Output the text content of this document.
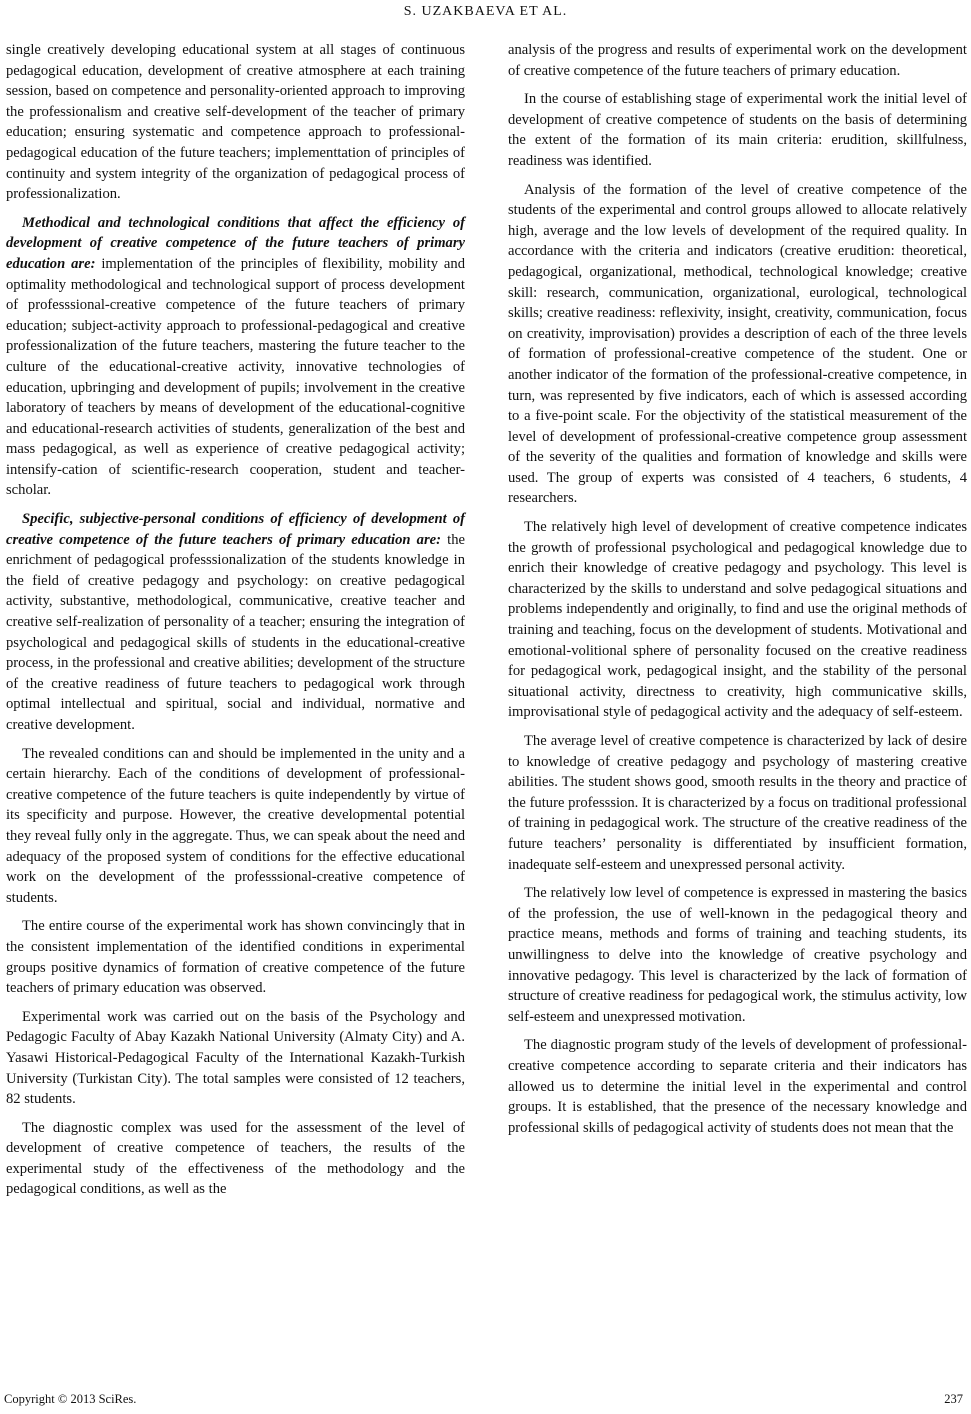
S. UZAKBAEVA ET AL.

single creatively developing educational system at all stages of continuous pedagogical education, development of creative atmosphere at each training session, based on competence and personality-oriented approach to improving the professionalism and creative self-development of the teacher of primary education; ensuring systematic and competence approach to professional-pedagogical education of the future teachers; implementtation of principles of continuity and system integrity of the organization of pedagogical process of professionalization.

Methodical and technological conditions that affect the efficiency of development of creative competence of the future teachers of primary education are: implementation of the principles of flexibility, mobility and optimality methodological and technological support of process development of professsional-creative competence of the future teachers of primary education; subject-activity approach to professional-pedagogical and creative professionalization of the future teachers, mastering the future teacher to the culture of the educational-creative activity, innovative technologies of education, upbringing and development of pupils; involvement in the creative laboratory of teachers by means of development of the educational-cognitive and educational-research activities of students, generalization of the best and mass pedagogical, as well as experience of creative pedagogical activity; intensify-cation of scientific-research cooperation, student and teacher-scholar.

Specific, subjective-personal conditions of efficiency of development of creative competence of the future teachers of primary education are: the enrichment of pedagogical professsionalization of the students knowledge in the field of creative pedagogy and psychology: on creative pedagogical activity, substantive, methodological, communicative, creative teacher and creative self-realization of personality of a teacher; ensuring the integration of psychological and pedagogical skills of students in the educational-creative process, in the professional and creative abilities; development of the structure of the creative readiness of future teachers to pedagogical work through optimal intellectual and spiritual, social and individual, normative and creative development.

The revealed conditions can and should be implemented in the unity and a certain hierarchy. Each of the conditions of development of professional-creative competence of the future teachers is quite independently by virtue of its specificity and purpose. However, the creative developmental potential they reveal fully only in the aggregate. Thus, we can speak about the need and adequacy of the proposed system of conditions for the effective educational work on the development of the professsional-creative competence of students.

The entire course of the experimental work has shown convincingly that in the consistent implementation of the identified conditions in experimental groups positive dynamics of formation of creative competence of the future teachers of primary education was observed.

Experimental work was carried out on the basis of the Psychology and Pedagogic Faculty of Abay Kazakh National University (Almaty City) and A. Yasawi Historical-Pedagogical Faculty of the International Kazakh-Turkish University (Turkistan City). The total samples were consisted of 12 teachers, 82 students.

The diagnostic complex was used for the assessment of the level of development of creative competence of teachers, the results of the experimental study of the effectiveness of the methodology and the pedagogical conditions, as well as the

analysis of the progress and results of experimental work on the development of creative competence of the future teachers of primary education.

In the course of establishing stage of experimental work the initial level of development of creative competence of students on the basis of determining the extent of the formation of its main criteria: erudition, skillfulness, readiness was identified.

Analysis of the formation of the level of creative competence of the students of the experimental and control groups allowed to allocate relatively high, average and the low levels of development of the required quality. In accordance with the criteria and indicators (creative erudition: theoretical, pedagogical, organizational, methodical, technological knowledge; creative skill: research, communication, organizational, eurological, technological skills; creative readiness: reflexivity, insight, creativity, communication, focus on creativity, improvisation) provides a description of each of the three levels of formation of professional-creative competence of the student. One or another indicator of the formation of the professional-creative competence, in turn, was represented by five indicators, each of which is assessed according to a five-point scale. For the objectivity of the statistical measurement of the level of development of professional-creative competence group assessment of the severity of the qualities and formation of knowledge and skills were used. The group of experts was consisted of 4 teachers, 6 students, 4 researchers.

The relatively high level of development of creative competence indicates the growth of professional psychological and pedagogical knowledge due to enrich their knowledge of creative pedagogy and psychology. This level is characterized by the skills to understand and solve pedagogical situations and problems independently and originally, to find and use the original methods of training and teaching, focus on the development of students. Motivational and emotional-volitional sphere of personality focused on the creative readiness for pedagogical work, pedagogical insight, and the stability of the personal situational activity, directness to creativity, high communicative skills, improvisational style of pedagogical activity and the adequacy of self-esteem.

The average level of creative competence is characterized by lack of desire to knowledge of creative pedagogy and psychology of mastering creative abilities. The student shows good, smooth results in the theory and practice of the future professsion. It is characterized by a focus on traditional professional of training in pedagogical work. The structure of the creative readiness of the future teachers’ personality is differentiated by insufficient formation, inadequate self-esteem and unexpressed personal activity.

The relatively low level of competence is expressed in mastering the basics of the profession, the use of well-known in the pedagogical theory and practice means, methods and forms of training and teaching students, its unwillingness to delve into the knowledge of creative psychology and innovative pedagogy. This level is characterized by the lack of formation of structure of creative readiness for pedagogical work, the stimulus activity, low self-esteem and unexpressed motivation.

The diagnostic program study of the levels of development of professional-creative competence according to separate criteria and their indicators has allowed us to determine the initial level in the experimental and control groups. It is established, that the presence of the necessary knowledge and professional skills of pedagogical activity of students does not mean that the

Copyright © 2013 SciRes.	237
